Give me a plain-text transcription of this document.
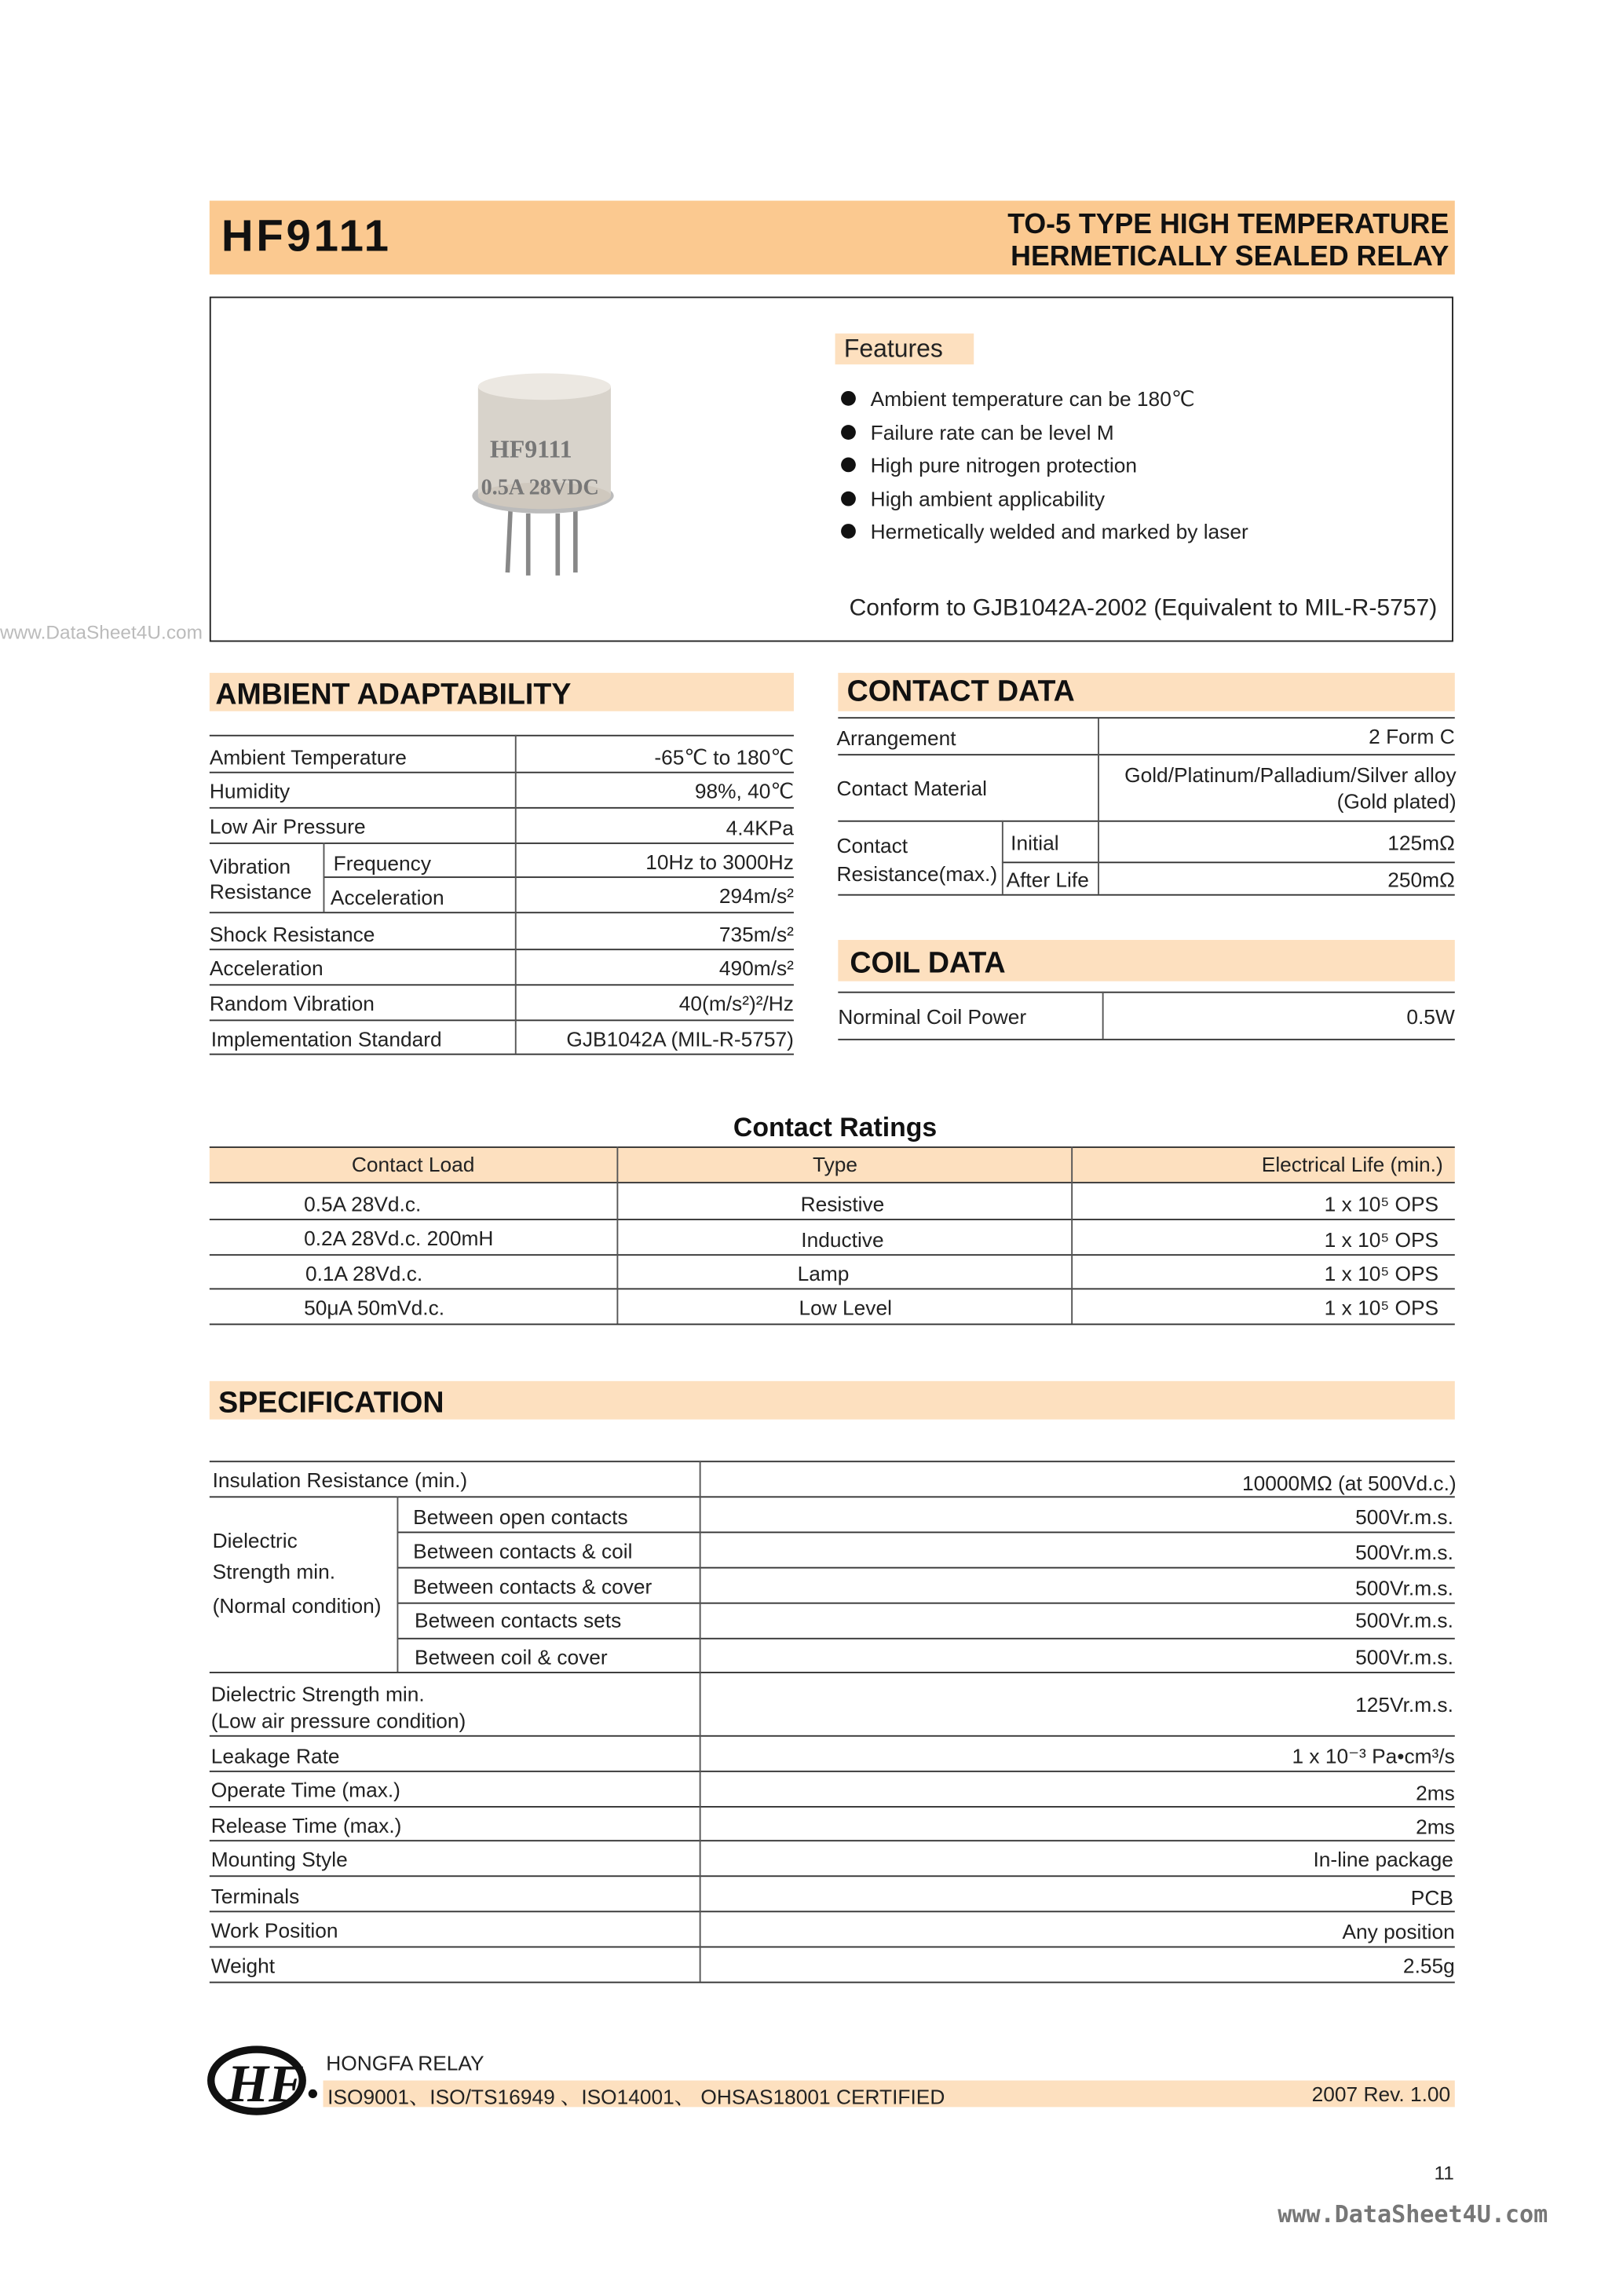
HF9111	TO-5 TYPE HIGH TEMPERATURE
HERMETICALLY SEALED RELAY
HF9111
0.5A 28VDC
Features
Ambient temperature can be 180℃
Failure rate can be level M
High pure nitrogen protection
High ambient applicability
Hermetically welded and marked by laser
Conform to GJB1042A-2002 (Equivalent to MIL-R-5757)
www.DataSheet4U.com
AMBIENT ADAPTABILITY
Ambient Temperature	-65℃ to 180℃
Humidity	98%, 40℃
Low Air Pressure	4.4KPa
Vibration Resistance
Frequency	10Hz to 3000Hz
Acceleration	294m/s²
Shock Resistance	735m/s²
Acceleration	490m/s²
Random Vibration	40(m/s²)²/Hz
Implementation Standard	GJB1042A (MIL-R-5757)
CONTACT DATA
Arrangement	2 Form C
Contact Material
Gold/Platinum/Palladium/Silver alloy
(Gold plated)
Contact
Resistance(max.)
Initial	125mΩ
After Life	250mΩ
COIL DATA
Norminal Coil Power	0.5W
Contact Ratings
Contact Load	Type	Electrical Life (min.)
0.5A 28Vd.c.	Resistive	1 x 10⁵ OPS
0.2A 28Vd.c. 200mH	Inductive	1 x 10⁵ OPS
0.1A 28Vd.c.	Lamp	1 x 10⁵ OPS
50μA 50mVd.c.	Low Level	1 x 10⁵ OPS
SPECIFICATION
Insulation Resistance (min.)	10000MΩ (at 500Vd.c.)
Dielectric
Strength min.
(Normal condition)
Between open contacts	500Vr.m.s.
Between contacts & coil	500Vr.m.s.
Between contacts & cover	500Vr.m.s.
Between contacts sets	500Vr.m.s.
Between coil & cover	500Vr.m.s.
Dielectric Strength min.
(Low air pressure condition)
125Vr.m.s.
Leakage Rate	1 x 10⁻³ Pa•cm³/s
Operate Time (max.)	2ms
Release Time (max.)	2ms
Mounting Style	In-line package
Terminals	PCB
Work Position	Any position
Weight	2.55g
HF HONGFA RELAY
ISO9001、ISO/TS16949 、ISO14001、 OHSAS18001 CERTIFIED	2007 Rev. 1.00
11
www.DataSheet4U.com
